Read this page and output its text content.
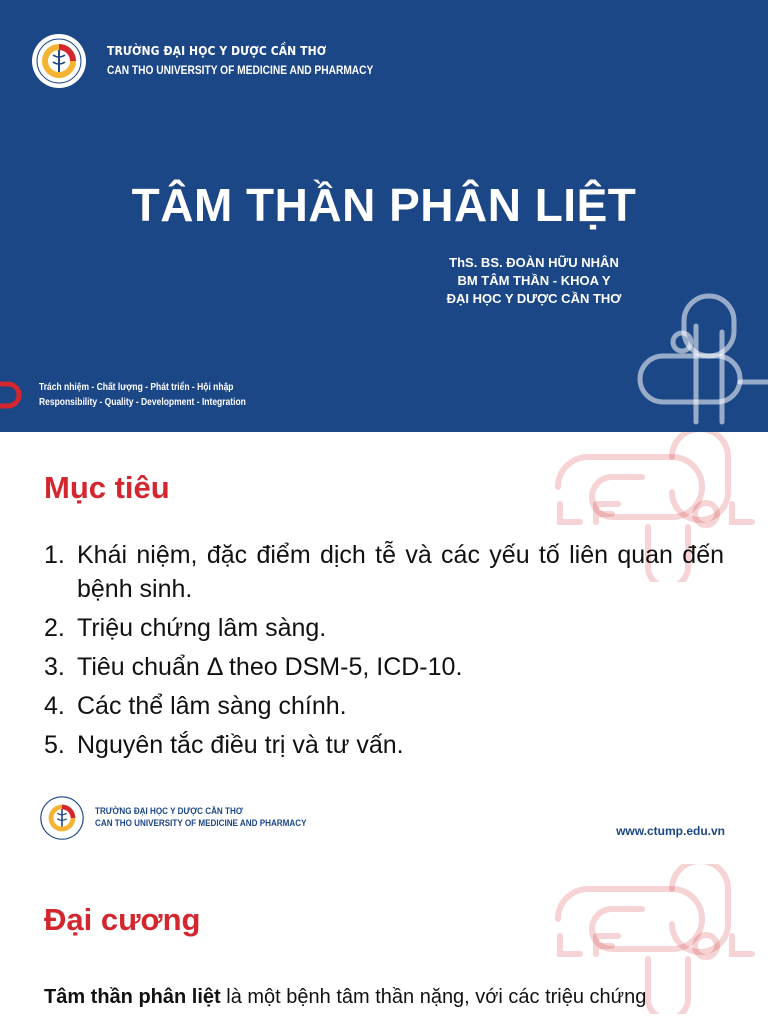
TRƯỜNG ĐẠI HỌC Y DƯỢC CẦN THƠ
CAN THO UNIVERSITY OF MEDICINE AND PHARMACY
TÂM THẦN PHÂN LIỆT
ThS. BS. ĐOÀN HỮU NHÂN
BM TÂM THẦN - KHOA Y
ĐẠI HỌC Y DƯỢC CẦN THƠ
Trách nhiệm - Chất lượng - Phát triển - Hội nhập
Responsibility - Quality - Development - Integration
Mục tiêu
1. Khái niệm, đặc điểm dịch tễ và các yếu tố liên quan đến bệnh sinh.
2. Triệu chứng lâm sàng.
3. Tiêu chuẩn Δ theo DSM-5, ICD-10.
4. Các thể lâm sàng chính.
5. Nguyên tắc điều trị và tư vấn.
TRƯỜNG ĐẠI HỌC Y DƯỢC CẦN THƠ
CAN THO UNIVERSITY OF MEDICINE AND PHARMACY
www.ctump.edu.vn
Đại cương
Tâm thần phân liệt là một bệnh tâm thần nặng, với các triệu chứng
